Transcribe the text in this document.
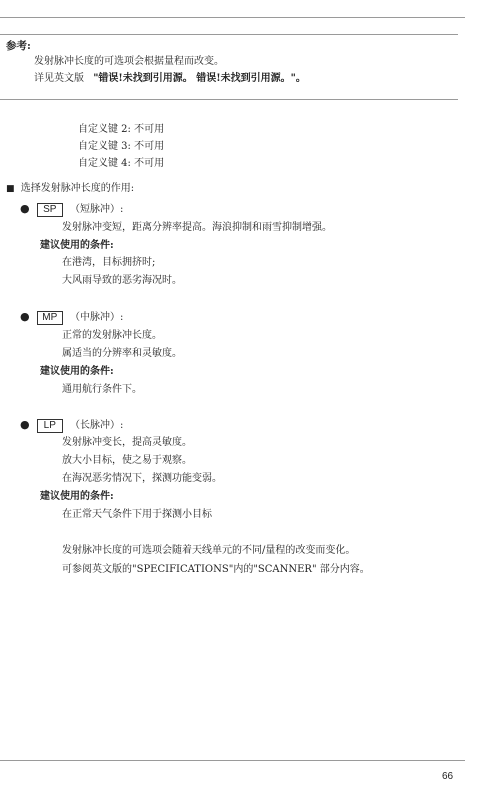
参考:
发射脉冲长度的可选项会根据量程而改变。
详见英文版 "错误!未找到引用源。 错误!未找到引用源。"。
自定义键 2: 不可用
自定义键 3: 不可用
自定义键 4: 不可用
■ 选择发射脉冲长度的作用:
● SP （短脉冲）:
发射脉冲变短，距离分辨率提高。海浪抑制和雨雪抑制增强。
建议使用的条件:
在港湾，目标拥挤时;
大风雨导致的恶劣海况时。
● MP （中脉冲）:
正常的发射脉冲长度。
属适当的分辨率和灵敏度。
建议使用的条件:
通用航行条件下。
● LP （长脉冲）:
发射脉冲变长，提高灵敏度。
放大小目标，使之易于观察。
在海况恶劣情况下，探测功能变弱。
建议使用的条件:
在正常天气条件下用于探测小目标
发射脉冲长度的可选项会随着天线单元的不同/量程的改变而变化。
可参阅英文版的"SPECIFICATIONS"内的"SCANNER" 部分内容。
66
